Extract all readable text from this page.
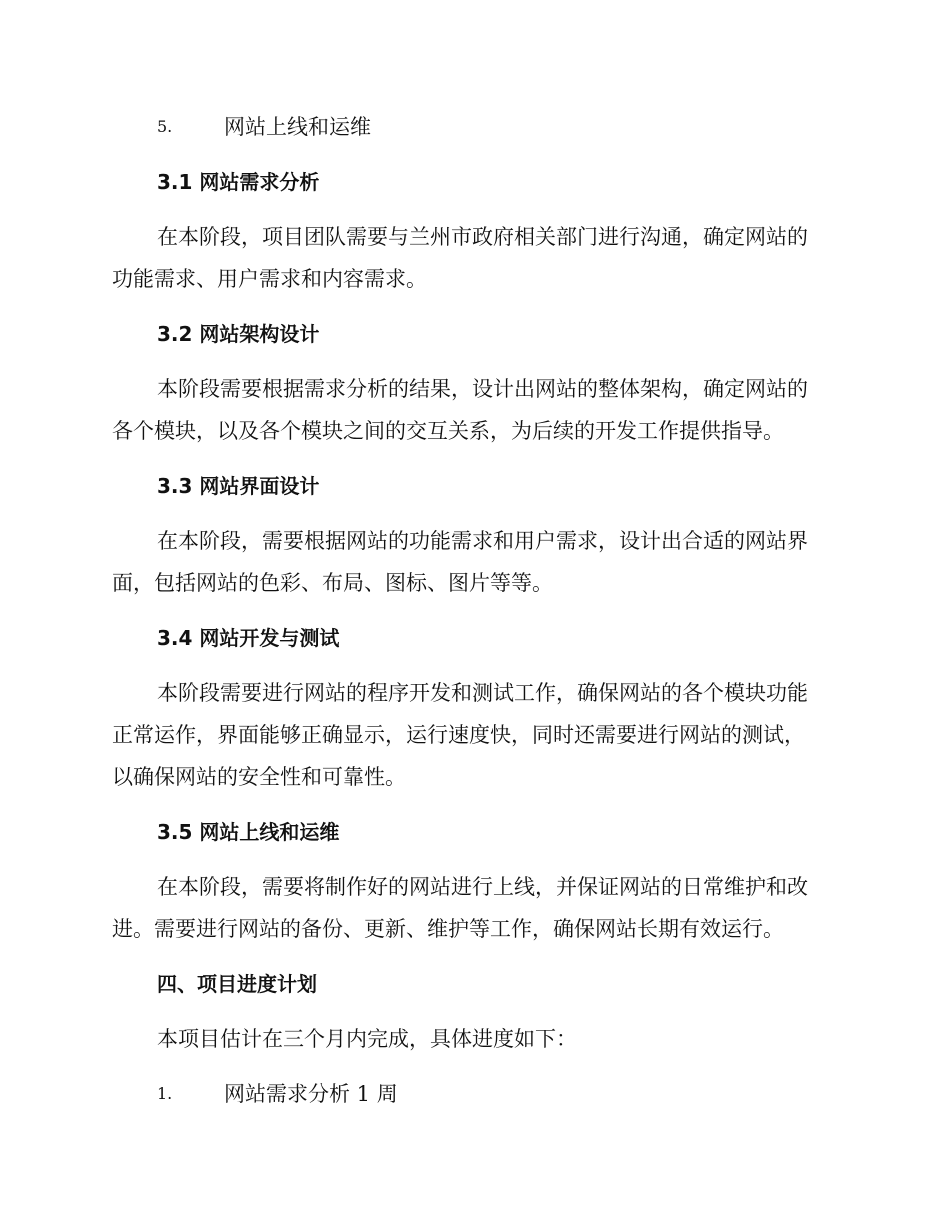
5. 网站上线和运维
3.1 网站需求分析
在本阶段，项目团队需要与兰州市政府相关部门进行沟通，确定网站的
功能需求、用户需求和内容需求。
3.2 网站架构设计
本阶段需要根据需求分析的结果，设计出网站的整体架构，确定网站的
各个模块，以及各个模块之间的交互关系，为后续的开发工作提供指导。
3.3 网站界面设计
在本阶段，需要根据网站的功能需求和用户需求，设计出合适的网站界
面，包括网站的色彩、布局、图标、图片等等。
3.4 网站开发与测试
本阶段需要进行网站的程序开发和测试工作，确保网站的各个模块功能
正常运作，界面能够正确显示，运行速度快，同时还需要进行网站的测试，
以确保网站的安全性和可靠性。
3.5 网站上线和运维
在本阶段，需要将制作好的网站进行上线，并保证网站的日常维护和改
进。需要进行网站的备份、更新、维护等工作，确保网站长期有效运行。
四、项目进度计划
本项目估计在三个月内完成，具体进度如下：
1. 网站需求分析 1 周
